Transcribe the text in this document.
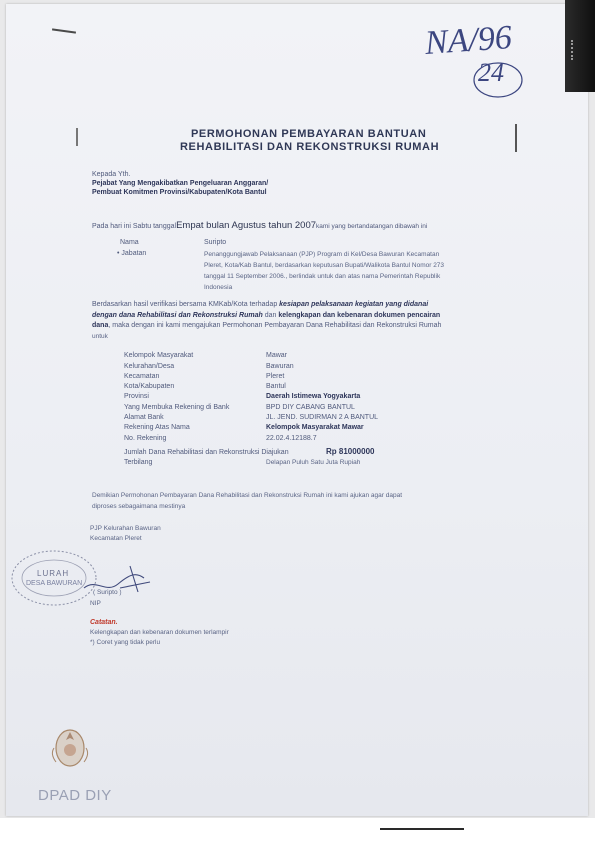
NA/96
24
PERMOHONAN PEMBAYARAN BANTUAN
REHABILITASI DAN REKONSTRUKSI RUMAH
Kepada Yth.
Pejabat Yang Mengakibatkan Pengeluaran Anggaran/
Pembuat Komitmen Provinsi/Kabupaten/Kota Bantul
Pada hari ini Sabtu tanggalEmpat bulan Agustus tahun 2007kami yang bertandatangan dibawah ini
Nama	Suripto
• Jabatan	Penanggungjawab Pelaksanaan (PJP) Program di Kel/Desa Bawuran Kecamatan
Pleret, Kota/Kab Bantul, berdasarkan keputusan Bupati/Walikota Bantul Nomor 273
tanggal 11 September 2006., berlindak untuk dan atas nama Pemerintah Republik
Indonesia
Berdasarkan hasil verifikasi bersama KMKab/Kota terhadap kesiapan pelaksanaan kegiatan yang didanai
dengan dana Rehabilitasi dan Rekonstruksi Rumah dan kelengkapan dan kebenaran dokumen pencairan
dana, maka dengan ini kami mengajukan Permohonan Pembayaran Dana Rehabilitasi dan Rekonstruksi Rumah
untuk
Kelompok Masyarakat	Mawar
Kelurahan/Desa	Bawuran
Kecamatan	Pleret
Kota/Kabupaten	Bantul
Provinsi	Daerah Istimewa Yogyakarta
Yang Membuka Rekening di Bank	BPD DIY CABANG BANTUL
Alamat Bank	JL. JEND. SUDIRMAN 2 A BANTUL
Rekening Atas Nama	Kelompok Masyarakat Mawar
No. Rekening	22.02.4.12188.7
Jumlah Dana Rehabilitasi dan Rekonstruksi Diajukan	Rp 81000000
Terbilang	Delapan Puluh Satu Juta Rupiah
Demikian Permohonan Pembayaran Dana Rehabilitasi dan Rekonstruksi Rumah ini kami ajukan agar dapat
diproses sebagaimana mestinya
PJP Kelurahan Bawuran
Kecamatan Pleret
LURAH
DESA BAWURAN
( Suripto )
NIP
Catatan.
Kelengkapan dan kebenaran dokumen terlampir
*) Coret yang tidak perlu
DPAD DIY
